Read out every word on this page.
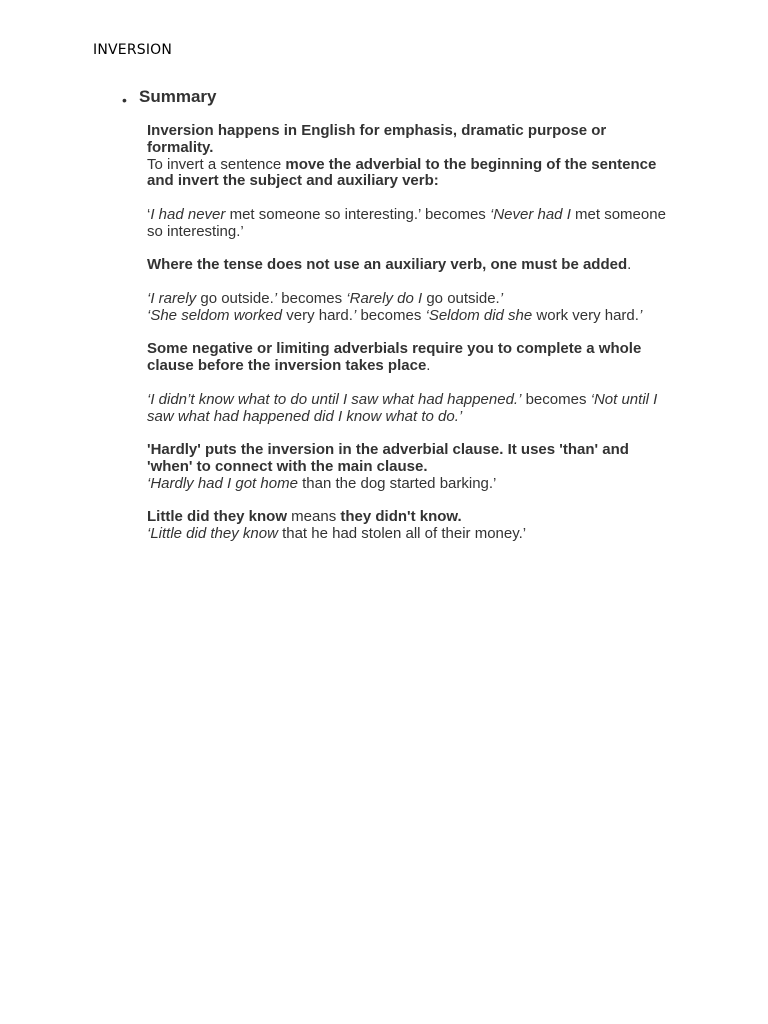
INVERSION
• Summary

Inversion happens in English for emphasis, dramatic purpose or formality.

To invert a sentence move the adverbial to the beginning of the sentence and invert the subject and auxiliary verb:

‘I had never met someone so interesting.’ becomes ‘Never had I met someone so interesting.’

Where the tense does not use an auxiliary verb, one must be added.

‘I rarely go outside.’ becomes ‘Rarely do I go outside.’

‘She seldom worked very hard.’ becomes ‘Seldom did she work very hard.’

Some negative or limiting adverbials require you to complete a whole clause before the inversion takes place.

‘I didn’t know what to do until I saw what had happened.’ becomes ‘Not until I saw what had happened did I know what to do.’

'Hardly' puts the inversion in the adverbial clause. It uses 'than' and 'when' to connect with the main clause.

‘Hardly had I got home than the dog started barking.’

Little did they know means they didn't know.

‘Little did they know that he had stolen all of their money.’
